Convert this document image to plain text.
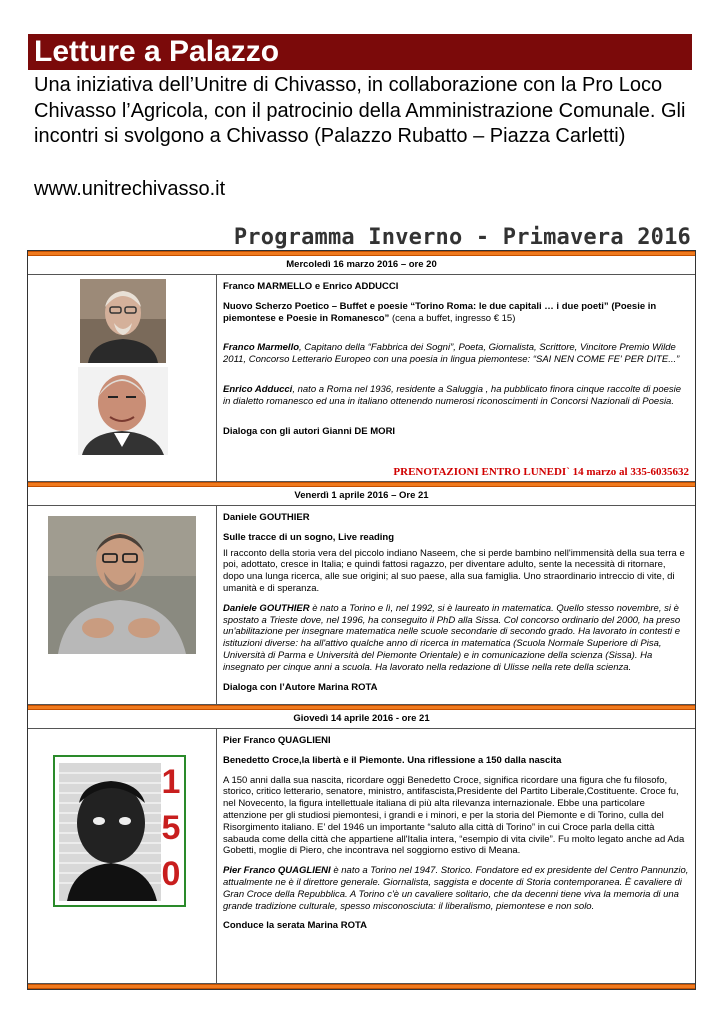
Letture a Palazzo
Una iniziativa dell’Unitre di Chivasso, in collaborazione con la Pro Loco Chivasso l’Agricola, con il patrocinio della Amministrazione Comunale. Gli incontri si svolgono a Chivasso (Palazzo Rubatto – Piazza Carletti)
www.unitrechivasso.it
Programma Inverno - Primavera 2016
Mercoledì 16 marzo 2016 – ore 20

Franco MARMELLO e Enrico ADDUCCI

Nuovo Scherzo Poetico – Buffet e poesie “Torino Roma: le due capitali … i due poeti” (Poesie in piemontese e Poesie in Romanesco” (cena a buffet, ingresso € 15)

Franco Marmello, Capitano della “Fabbrica dei Sogni”, Poeta, Giornalista, Scrittore, Vincitore Premio Wilde 2011, Concorso Letterario Europeo con una poesia in lingua piemontese: “SAI NEN COME FE' PER DITE...”

Enrico Adducci, nato a Roma nel 1936, residente a Saluggia , ha pubblicato finora cinque raccolte di poesie in dialetto romanesco ed una in italiano ottenendo numerosi riconoscimenti in Concorsi Nazionali di Poesia.

Dialoga con gli autori Gianni DE MORI

PRENOTAZIONI ENTRO LUNEDI` 14 marzo al 335-6035632
Venerdì 1 aprile 2016 – Ore 21

Daniele GOUTHIER

Sulle tracce di un sogno, Live reading

Il racconto della storia vera del piccolo indiano Naseem, che si perde bambino nell'immensità della sua terra e poi, adottato, cresce in Italia; e quindi fattosi ragazzo, per diventare adulto, sente la necessità di ritornare, dopo una lunga ricerca, alle sue origini; al suo paese, alla sua famiglia. Uno straordinario intreccio di vite, di umanità e di speranza.

Daniele GOUTHIER è nato a Torino e lì, nel 1992, si è laureato in matematica. Quello stesso novembre, si è spostato a Trieste dove, nel 1996, ha conseguito il PhD alla Sissa. Col concorso ordinario del 2000, ha preso un'abilitazione per insegnare matematica nelle scuole secondarie di secondo grado. Ha lavorato in contesti e istituzioni diverse: ha all'attivo qualche anno di ricerca in matematica (Scuola Normale Superiore di Pisa, Università di Parma e Università del Piemonte Orientale) e in comunicazione della scienza (Sissa). Ha insegnato per cinque anni a scuola. Ha lavorato nella redazione di Ulisse nella rete della scienza.

Dialoga con l’Autore Marina ROTA

Giovedì 14 aprile 2016 - ore 21
1
5
0

Pier Franco QUAGLIENI

Benedetto Croce,la libertà e il Piemonte. Una riflessione a 150 dalla nascita

A 150 anni dalla sua nascita, ricordare oggi Benedetto Croce, significa ricordare una figura che fu filosofo, storico, critico letterario, senatore, ministro, antifascista,Presidente del Partito Liberale,Costituente. Croce fu, nel Novecento, la figura intellettuale italiana di più alta rilevanza internazionale. Ebbe una particolare attenzione per gli studiosi piemontesi, i grandi e i minori, e per la storia del Piemonte e di Torino, culla del Risorgimento italiano. E’ del 1946 un importante “saluto alla città di Torino” in cui Croce parla della città sabauda come della città che appartiene all'Italia intera, “esempio di vita civile”. Fu molto legato anche ad Ada Gobetti, moglie di Piero, che incontrava nel soggiorno estivo di Meana.

Pier Franco QUAGLIENI è nato a Torino nel 1947. Storico. Fondatore ed ex presidente del Centro Pannunzio, attualmente ne è il direttore generale. Giornalista, saggista e docente di Storia contemporanea. È cavaliere di Gran Croce della Repubblica. A Torino c'è un cavaliere solitario, che da decenni tiene viva la memoria di una grande tradizione culturale, spesso misconosciuta: il liberalismo, piemontese e non solo.

Conduce la serata Marina ROTA
